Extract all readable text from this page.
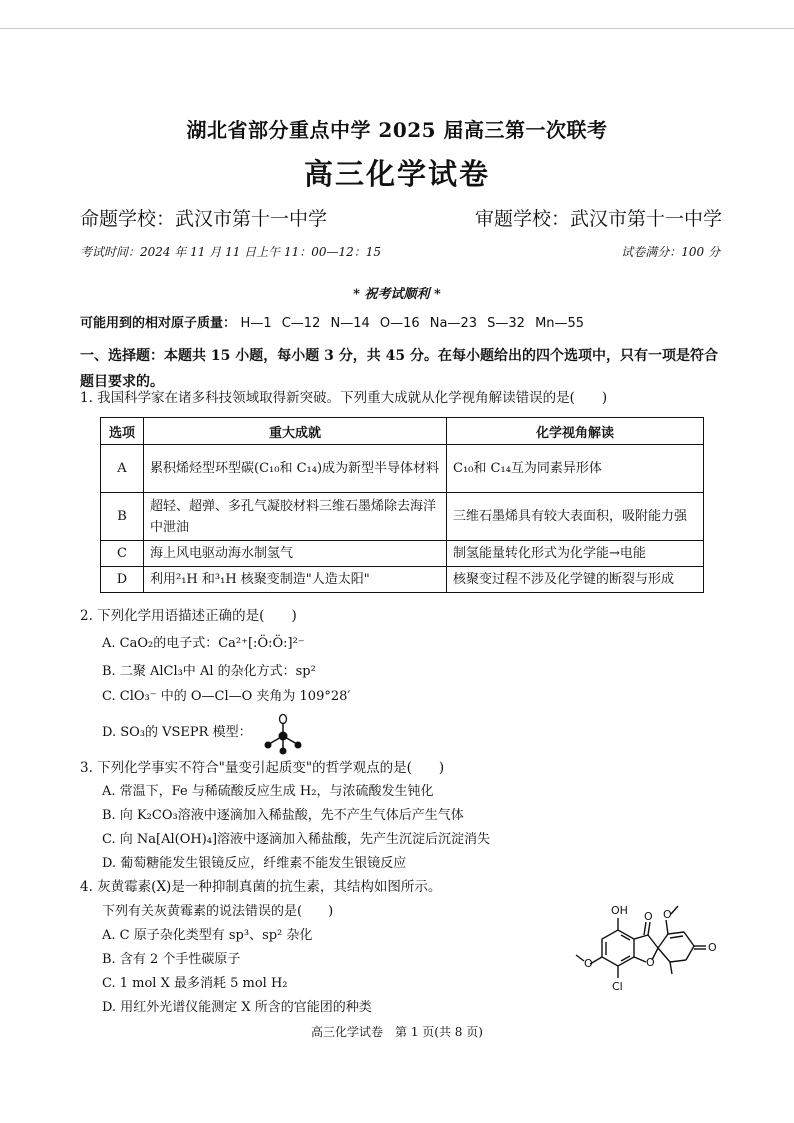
湖北省部分重点中学 2025 届高三第一次联考
高三化学试卷
命题学校：武汉市第十一中学	审题学校：武汉市第十一中学
考试时间：2024 年 11 月 11 日上午 11：00—12：15	试卷满分：100 分
* 祝考试顺利 *
可能用到的相对原子质量： H—1 C—12 N—14 O—16 Na—23 S—32 Mn—55
一、选择题：本题共 15 小题，每小题 3 分，共 45 分。在每小题给出的四个选项中，只有一项是符合题目要求的。
1. 我国科学家在诸多科技领域取得新突破。下列重大成就从化学视角解读错误的是(　　)
选项	重大成就	化学视角解读
A	累积烯烃型环型碳(C₁₀和 C₁₄)成为新型半导体材料	C₁₀和 C₁₄互为同素异形体
B	超轻、超弹、多孔气凝胶材料三维石墨烯除去海洋中泄油	三维石墨烯具有较大表面积，吸附能力强
C	海上风电驱动海水制氢气	制氢能量转化形式为化学能→电能
D	利用²₁H 和³₁H 核聚变制造"人造太阳"	核聚变过程不涉及化学键的断裂与形成
2. 下列化学用语描述正确的是(　　)
A. CaO₂的电子式：Ca²⁺[:Ö:Ö:]²⁻
B. 二聚 AlCl₃中 Al 的杂化方式：sp²
C. ClO₃⁻ 中的 O—Cl—O 夹角为 109°28′
D. SO₃的 VSEPR 模型：
3. 下列化学事实不符合"量变引起质变"的哲学观点的是(　　)
A. 常温下，Fe 与稀硫酸反应生成 H₂，与浓硫酸发生钝化
B. 向 K₂CO₃溶液中逐滴加入稀盐酸，先不产生气体后产生气体
C. 向 Na[Al(OH)₄]溶液中逐滴加入稀盐酸，先产生沉淀后沉淀消失
D. 葡萄糖能发生银镜反应，纤维素不能发生银镜反应
4. 灰黄霉素(X)是一种抑制真菌的抗生素，其结构如图所示。
下列有关灰黄霉素的说法错误的是(　　)
A. C 原子杂化类型有 sp³、sp² 杂化
B. 含有 2 个手性碳原子
C. 1 mol X 最多消耗 5 mol H₂
D. 用红外光谱仪能测定 X 所含的官能团的种类
OH
O	O
O O
O
Cl
高三化学试卷　第 1 页(共 8 页)
